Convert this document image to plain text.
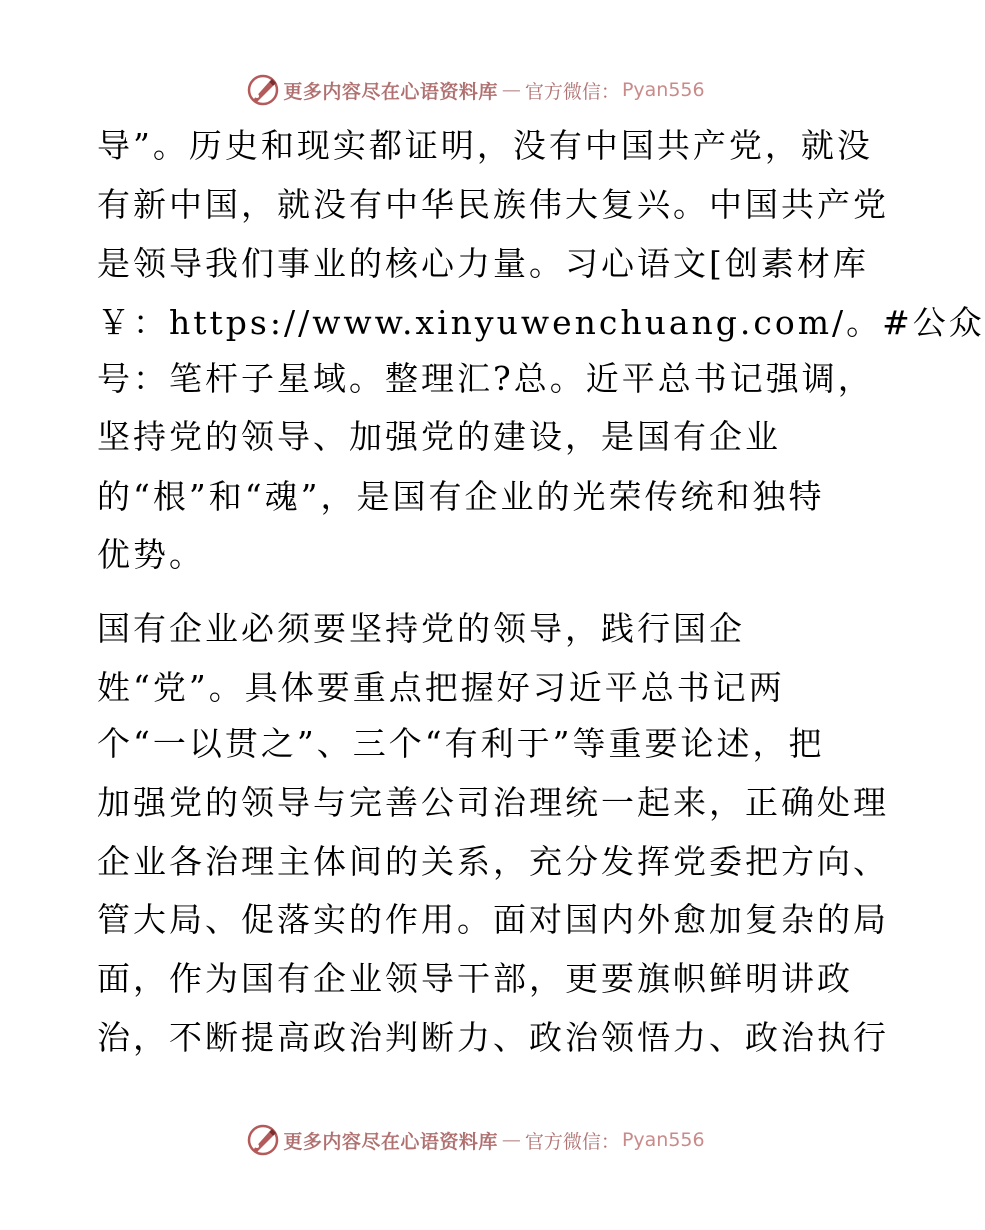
更多内容尽在心语资料库 — 官方微信： Pyan556
导”。历史和现实都证明，没有中国共产党，就没
有新中国，就没有中华民族伟大复兴。中国共产党
是领导我们事业的核心力量。习心语文[创素材库
￥：https://www.xinyuwenchuang.com/。#公众
号：笔杆子星域。整理汇?总。近平总书记强调，
坚持党的领导、加强党的建设，是国有企业
的“根”和“魂”，是国有企业的光荣传统和独特
优势。
国有企业必须要坚持党的领导，践行国企
姓“党”。具体要重点把握好习近平总书记两
个“一以贯之”、三个“有利于”等重要论述，把
加强党的领导与完善公司治理统一起来，正确处理
企业各治理主体间的关系，充分发挥党委把方向、
管大局、促落实的作用。面对国内外愈加复杂的局
面，作为国有企业领导干部，更要旗帜鲜明讲政
治，不断提高政治判断力、政治领悟力、政治执行
更多内容尽在心语资料库 — 官方微信： Pyan556
